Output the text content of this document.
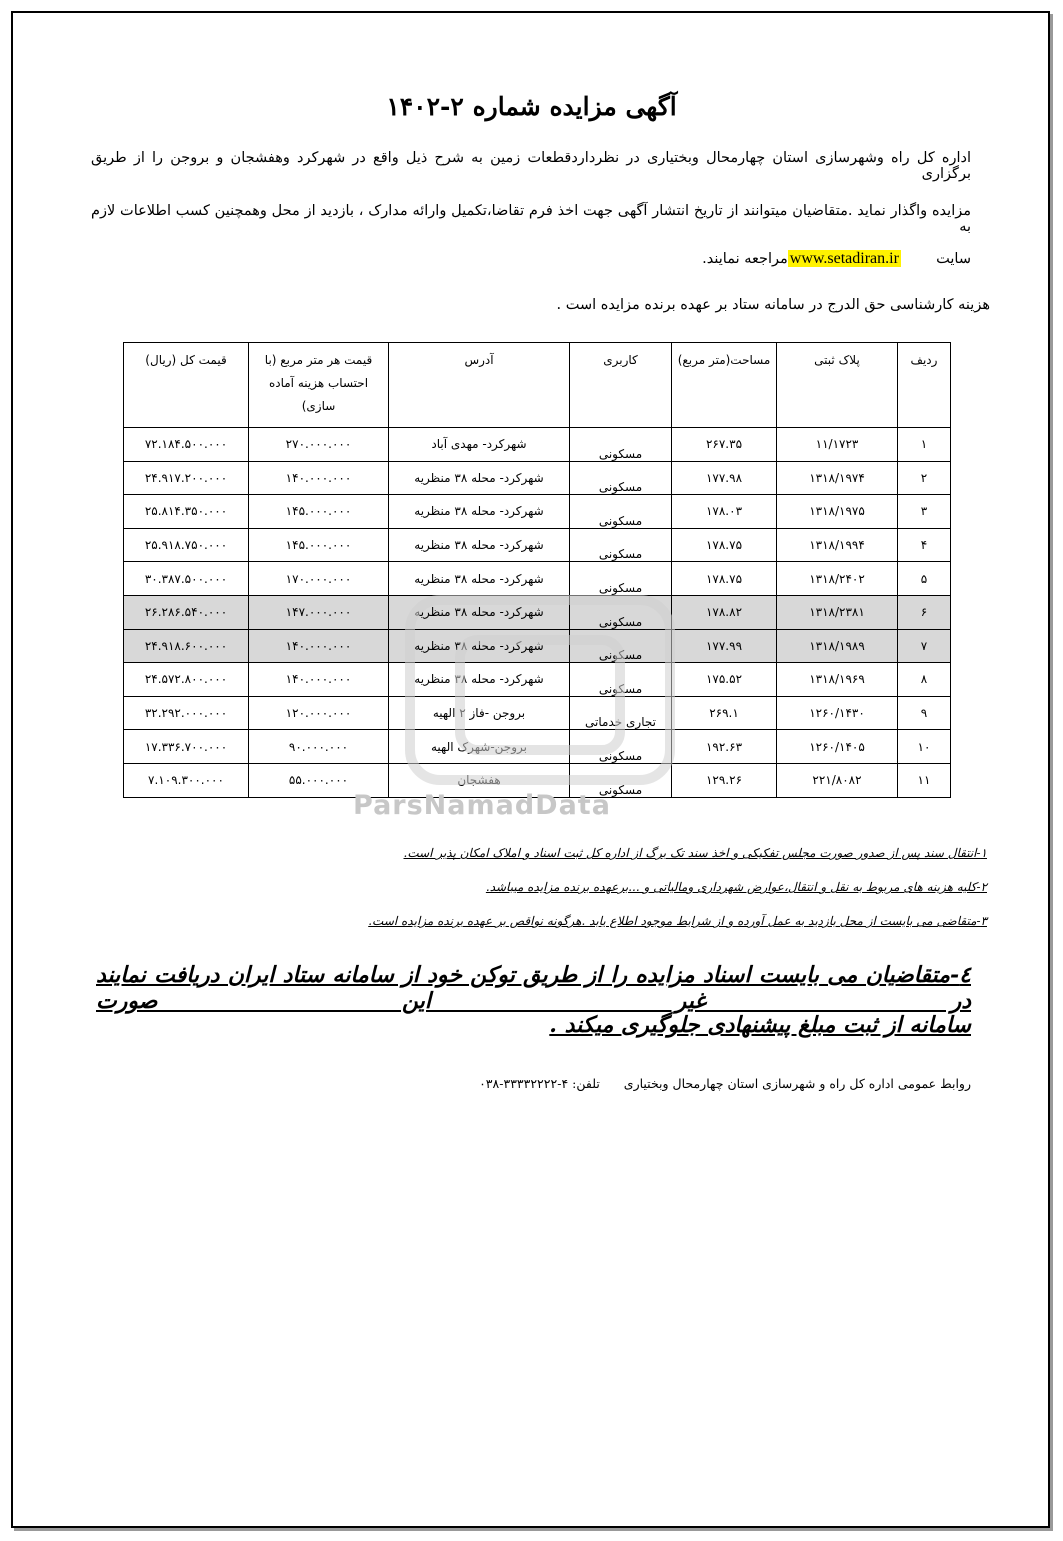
آگهی مزایده شماره ۲-۱۴۰۲
اداره کل راه وشهرسازی استان چهارمحال وبختیاری در نظرداردقطعات زمین به شرح ذیل واقع در شهرکرد وهفشجان و بروجن را از طریق برگزاری
مزایده واگذار نماید .متقاضیان میتوانند از تاریخ انتشار آگهی جهت اخذ فرم تقاضا،تکمیل وارائه مدارک ، بازدید از محل وهمچنین کسب اطلاعات لازم به
سایت  www.setadiran.irمراجعه نمایند.
هزینه کارشناسی حق الدرج در سامانه ستاد بر عهده برنده مزایده است .
ردیف	پلاک ثبتی	مساحت(متر مربع)	کاربری	آدرس	قیمت هر متر مربع (با احتساب هزینه آماده سازی)	قیمت کل (ریال)
۱	۱۱/۱۷۲۳	۲۶۷.۳۵	مسکونی	شهرکرد- مهدی آباد	۲۷۰.۰۰۰.۰۰۰	۷۲.۱۸۴.۵۰۰.۰۰۰
۲	۱۳۱۸/۱۹۷۴	۱۷۷.۹۸	مسکونی	شهرکرد- محله ۳۸ منظریه	۱۴۰.۰۰۰.۰۰۰	۲۴.۹۱۷.۲۰۰.۰۰۰
۳	۱۳۱۸/۱۹۷۵	۱۷۸.۰۳	مسکونی	شهرکرد- محله ۳۸ منظریه	۱۴۵.۰۰۰.۰۰۰	۲۵.۸۱۴.۳۵۰.۰۰۰
۴	۱۳۱۸/۱۹۹۴	۱۷۸.۷۵	مسکونی	شهرکرد- محله ۳۸ منظریه	۱۴۵.۰۰۰.۰۰۰	۲۵.۹۱۸.۷۵۰.۰۰۰
۵	۱۳۱۸/۲۴۰۲	۱۷۸.۷۵	مسکونی	شهرکرد- محله ۳۸ منظریه	۱۷۰.۰۰۰.۰۰۰	۳۰.۳۸۷.۵۰۰.۰۰۰
۶	۱۳۱۸/۲۳۸۱	۱۷۸.۸۲	مسکونی	شهرکرد- محله ۳۸ منظریه	۱۴۷.۰۰۰.۰۰۰	۲۶.۲۸۶.۵۴۰.۰۰۰
۷	۱۳۱۸/۱۹۸۹	۱۷۷.۹۹	مسکونی	شهرکرد- محله ۳۸ منظریه	۱۴۰.۰۰۰.۰۰۰	۲۴.۹۱۸.۶۰۰.۰۰۰
۸	۱۳۱۸/۱۹۶۹	۱۷۵.۵۲	مسکونی	شهرکرد- محله ۳۸ منظریه	۱۴۰.۰۰۰.۰۰۰	۲۴.۵۷۲.۸۰۰.۰۰۰
۹	۱۲۶۰/۱۴۳۰	۲۶۹.۱	تجاری خدماتی	بروجن -فاز ۲ الهیه	۱۲۰.۰۰۰.۰۰۰	۳۲.۲۹۲.۰۰۰.۰۰۰
۱۰	۱۲۶۰/۱۴۰۵	۱۹۲.۶۳	مسکونی	بروجن-شهرک الهیه	۹۰.۰۰۰.۰۰۰	۱۷.۳۳۶.۷۰۰.۰۰۰
۱۱	۲۲۱/۸۰۸۲	۱۲۹.۲۶	مسکونی	هفشجان	۵۵.۰۰۰.۰۰۰	۷.۱۰۹.۳۰۰.۰۰۰
ParsNamadData
۱-انتقال سند پس از صدور صورت مجلس تفکیکی و اخذ سند تک برگ از اداره کل ثبت اسناد و املاک امکان پذیر است.
۲-کلیه هزینه های مربوط به نقل و انتقال،عوارض شهرداری ومالیاتی و ...برعهده برنده مزایده میباشد.
۳-متقاضی می بایست از محل بازدید به عمل آورده و از شرایط موجود اطلاع یابد .هرگونه نواقص بر عهده برنده مزایده است.
٤-متقاضیان می بایست اسناد مزایده را از طریق توکن خود از سامانه ستاد ایران دریافت نمایند در غیر این صورت
سامانه از ثبت مبلغ پیشنهادی جلوگیری میکند .
روابط عمومی اداره کل راه و شهرسازی استان چهارمحال وبختیاری  تلفن: ۴-۳۳۳۳۲۲۲۲-۰۳۸
